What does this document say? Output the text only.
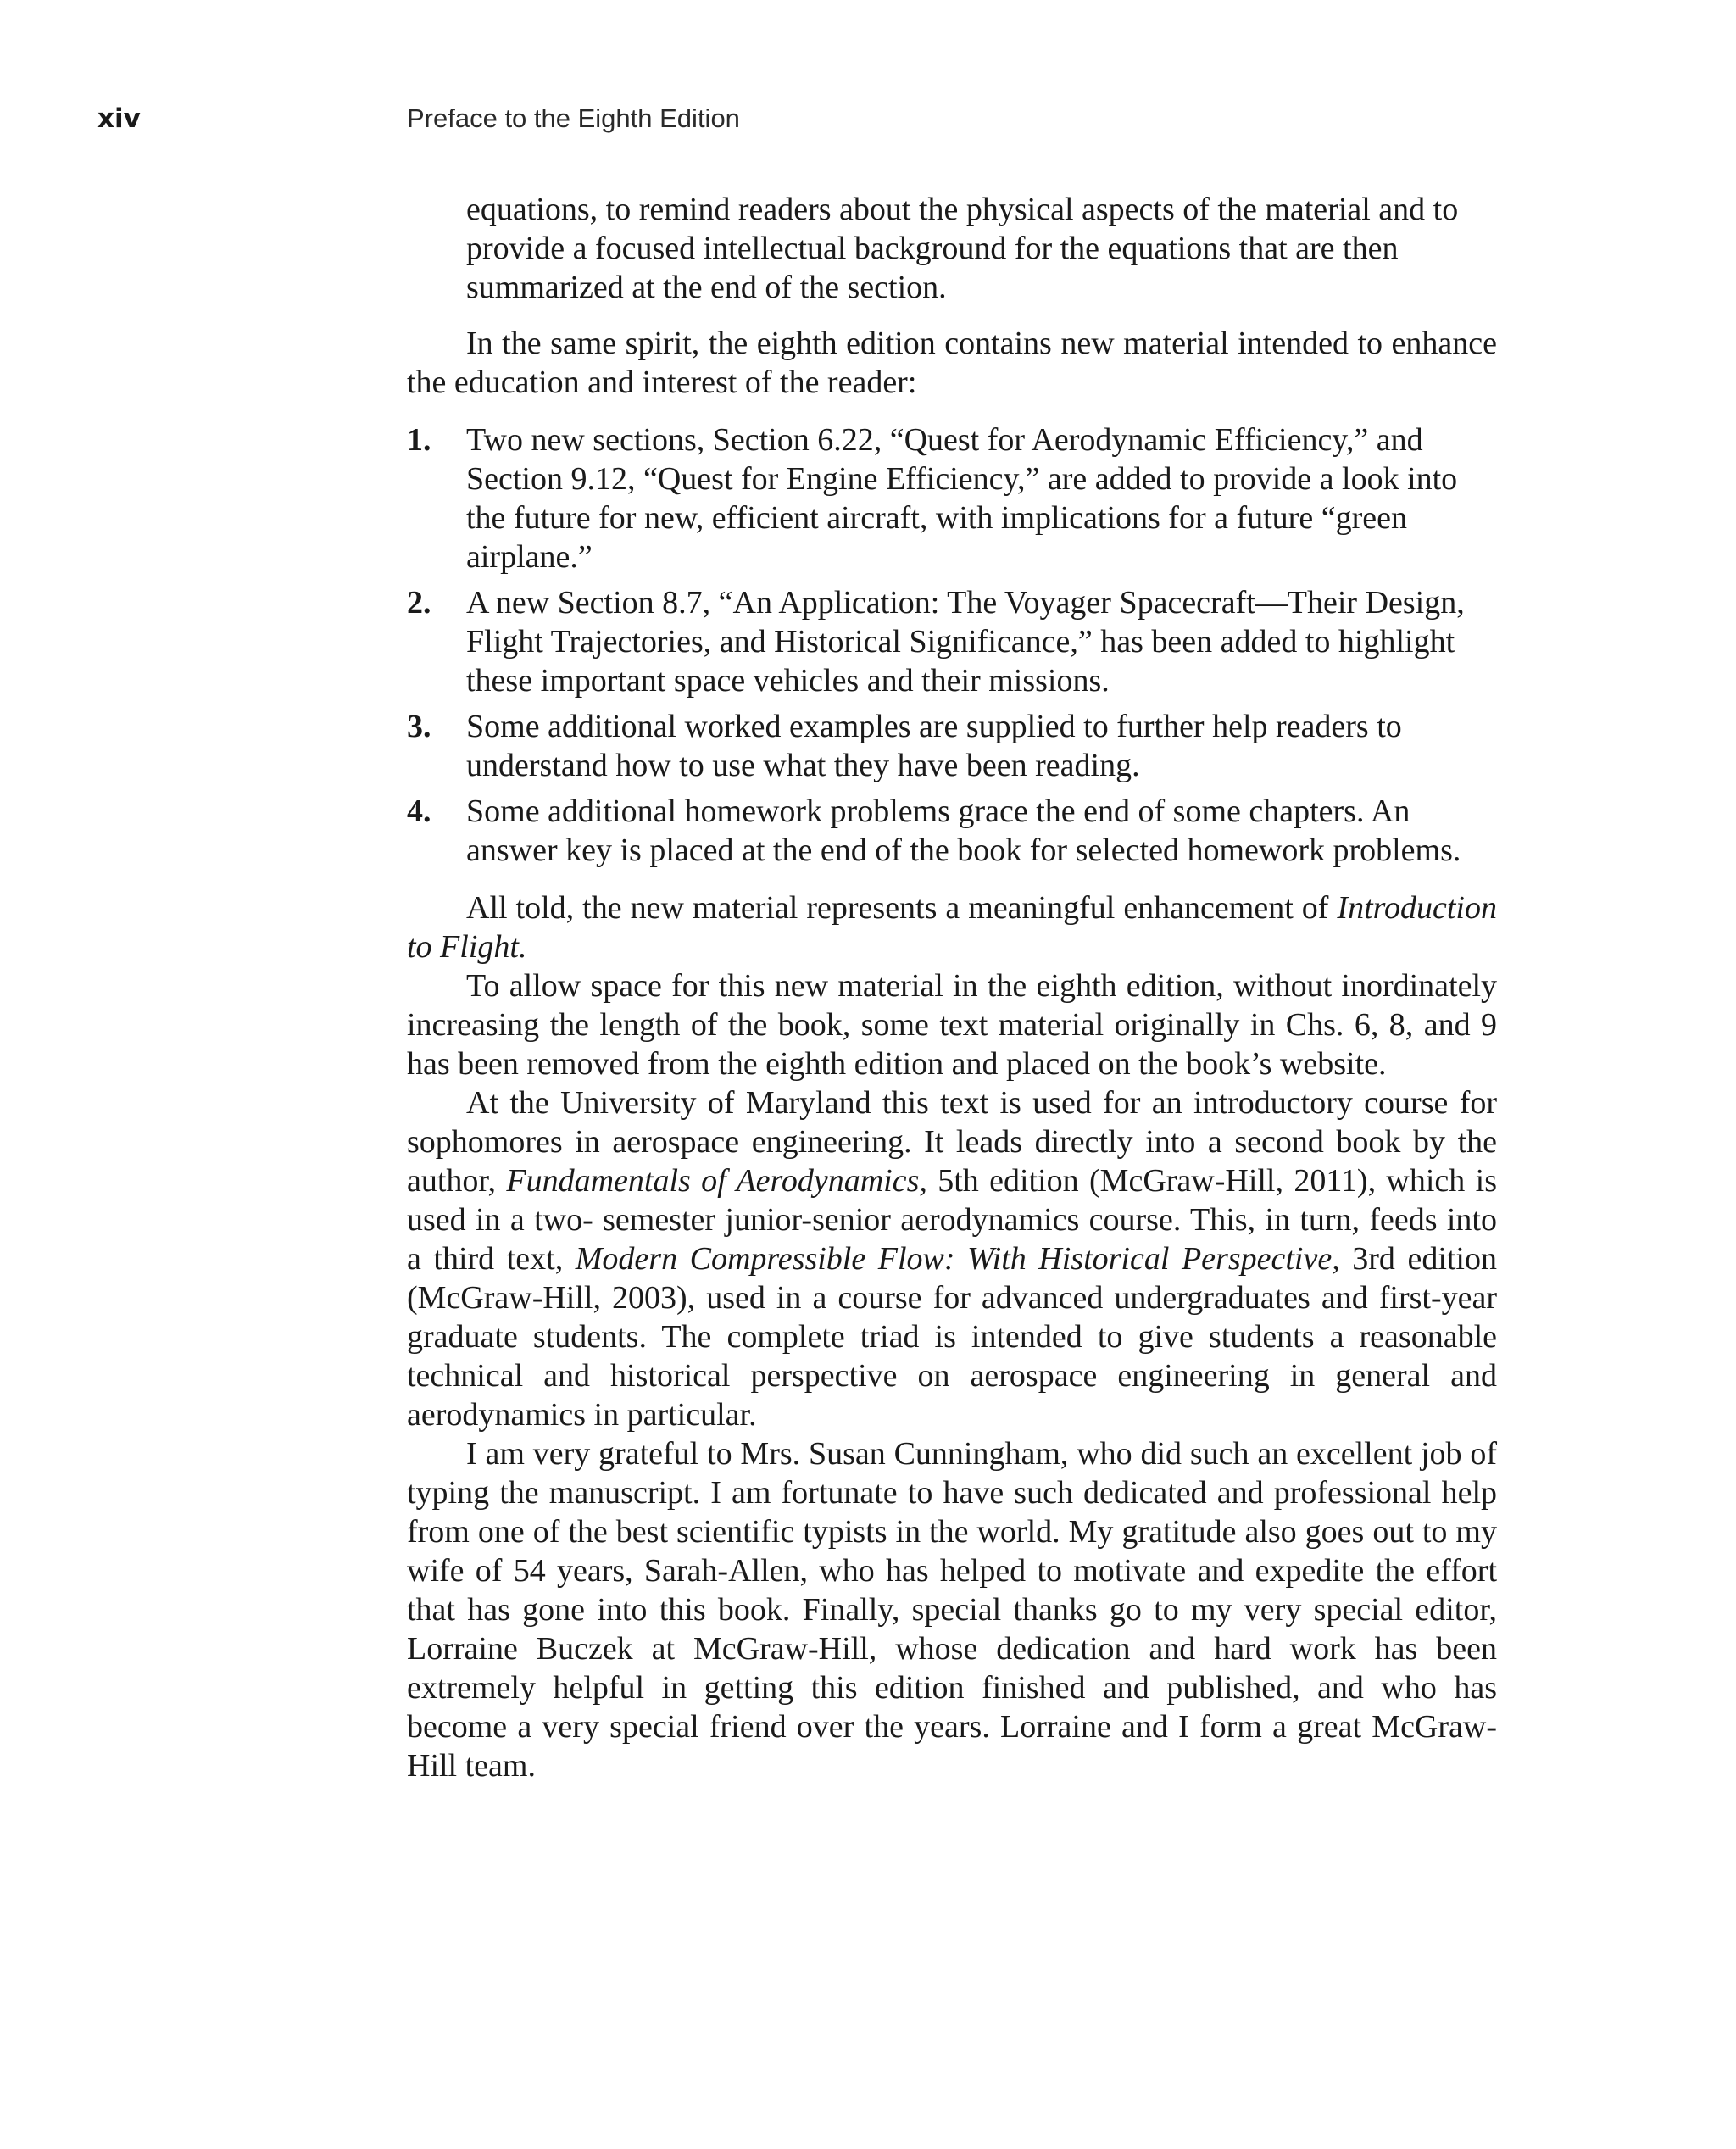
xiv	Preface to the Eighth Edition

equations, to remind readers about the physical aspects of the material and to provide a focused intellectual background for the equations that are then summarized at the end of the section.

In the same spirit, the eighth edition contains new material intended to enhance the education and interest of the reader:

1. Two new sections, Section 6.22, “Quest for Aerodynamic Efficiency,” and Section 9.12, “Quest for Engine Efficiency,” are added to provide a look into the future for new, efficient aircraft, with implications for a future “green airplane.”
2. A new Section 8.7, “An Application: The Voyager Spacecraft—Their Design, Flight Trajectories, and Historical Significance,” has been added to highlight these important space vehicles and their missions.
3. Some additional worked examples are supplied to further help readers to understand how to use what they have been reading.
4. Some additional homework problems grace the end of some chapters. An answer key is placed at the end of the book for selected homework problems.

All told, the new material represents a meaningful enhancement of Introduction to Flight.

To allow space for this new material in the eighth edition, without inordinately increasing the length of the book, some text material originally in Chs. 6, 8, and 9 has been removed from the eighth edition and placed on the book’s website.

At the University of Maryland this text is used for an introductory course for sophomores in aerospace engineering. It leads directly into a second book by the author, Fundamentals of Aerodynamics, 5th edition (McGraw-Hill, 2011), which is used in a two- semester junior-senior aerodynamics course. This, in turn, feeds into a third text, Modern Compressible Flow: With Historical Perspective, 3rd edition (McGraw-Hill, 2003), used in a course for advanced undergraduates and first-year graduate students. The complete triad is intended to give students a reasonable technical and historical perspective on aerospace engineering in general and aerodynamics in particular.

I am very grateful to Mrs. Susan Cunningham, who did such an excellent job of typing the manuscript. I am fortunate to have such dedicated and professional help from one of the best scientific typists in the world. My gratitude also goes out to my wife of 54 years, Sarah-Allen, who has helped to motivate and expedite the effort that has gone into this book. Finally, special thanks go to my very special editor, Lorraine Buczek at McGraw-Hill, whose dedication and hard work has been extremely helpful in getting this edition finished and published, and who has become a very special friend over the years. Lorraine and I form a great McGraw-Hill team.
